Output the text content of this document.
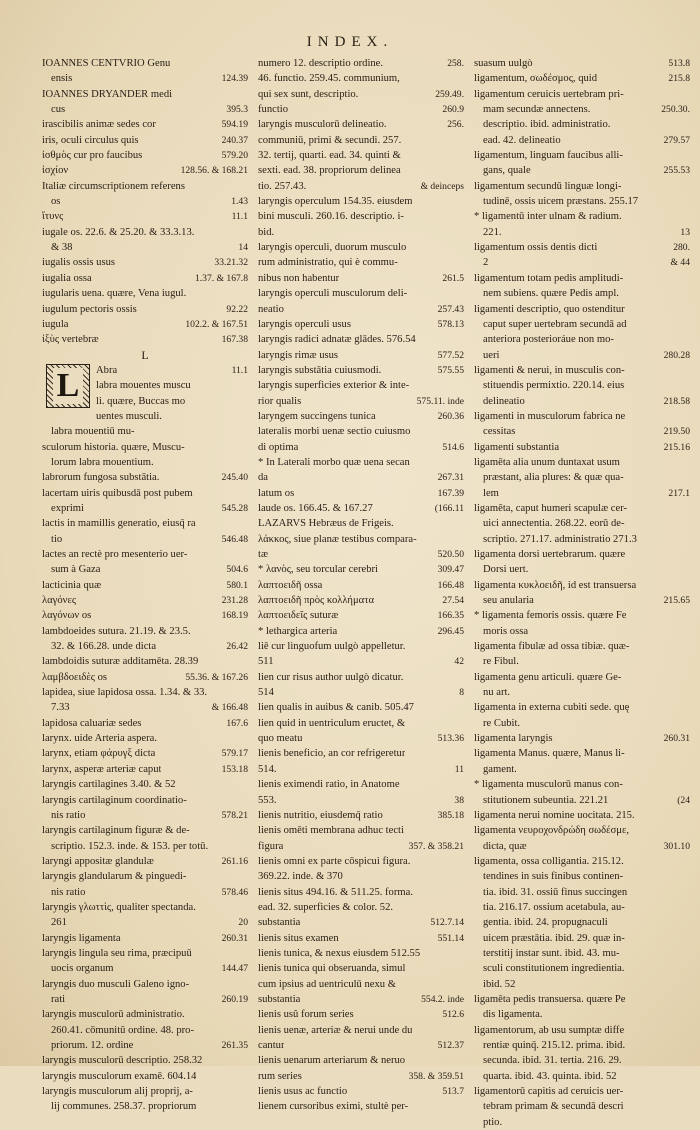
INDEX.
IOANNES CENTVRIO Genu
ensis	124.39
IOANNES DRYANDER medi
cus	395.3
irascibilis animæ sedes cor	594.19
iris, oculi circulus quis	240.37
ἰσθμὸς cur pro faucibus	579.20
ἰσχίον	128.56. & 168.21
Italiæ circumscriptionem referens
os	1.43
ἴτυνς	11.1
iugale os. 22.6. & 25.20. & 33.3.13.
& 38	14
iugalis ossis usus	33.21.32
iugalia ossa	1.37. & 167.8
iugularis uena. quære, Vena iugul.
iugulum pectoris ossis	92.22
iugula	102.2. & 167.51
ἰξὺς vertebræ	167.38
L
L	Abra	11.1
labra mouentes muscu
li. quære, Buccas mo
uentes musculi.
labra mouentiū mu-
sculorum historia. quære, Muscu-
lorum labra mouentium.
labrorum fungosa substātia.	245.40
lacertam uiris quibusdā post pubem
exprimi	545.28
lactis in mamillis generatio, eiusq̄ ra
tio	546.48
lactes an rectè pro mesenterio uer-
sum à Gaza	504.6
lacticinia quæ	580.1
λαγόνες	231.28
λαγόνων os	168.19
lambdoeides sutura. 21.19. & 23.5.
32. & 166.28. unde dicta	26.42
lambdoidis suturæ additamēta. 28.39
λαμβδοειδὲς os	55.36. & 167.26
lapidea, siue lapidosa ossa. 1.34. & 33.
7.33	& 166.48
lapidosa caluariæ sedes	167.6
larynx. uide Arteria aspera.
larynx, etiam φάρυγξ dicta	579.17
larynx, asperæ arteriæ caput	153.18
laryngis cartilagines 3.40. & 52
laryngis cartilaginum coordinatio-
nis ratio	578.21
laryngis cartilaginum figuræ & de-
scriptio. 152.3. inde. & 153. per totū.
laryngi appositæ glandulæ	261.16
laryngis glandularum & pinguedi-
nis ratio	578.46
laryngis γλωττὶς, qualiter spectanda.
261	20
laryngis ligamenta	260.31
laryngis lingula seu rima, præcipuū
uocis organum	144.47
laryngis duo musculi Galeno igno-
rati	260.19
laryngis musculorū administratio.
260.41. cōmunitū ordine. 48. pro-
priorum. 12. ordine	261.35
laryngis musculorū descriptio. 258.32
laryngis musculorum examē. 604.14
laryngis musculorum alij proprij, a-
lij communes. 258.37. propriorum
numero 12. descriptio ordine.	258.
46. functio. 259.45. communium,
qui sex sunt, descriptio.	259.49.
functio	260.9
laryngis musculorū delineatio.	256.
communiū, primi & secundi. 257.
32. tertij, quarti. ead. 34. quinti &
sexti. ead. 38. propriorum delinea
tio. 257.43.	& deinceps
laryngis operculum 154.35. eiusdem
bini musculi. 260.16. descriptio. i-
bid.
laryngis operculi, duorum musculo
rum administratio, qui è commu-
nibus non habentur	261.5
laryngis operculi musculorum deli-
neatio	257.43
laryngis operculi usus	578.13
laryngis radici adnatæ glādes. 576.54
laryngis rimæ usus	577.52
laryngis substātia cuiusmodi.	575.55
laryngis superficies exterior & inte-
rior qualis	575.11. inde
laryngem succingens tunica	260.36
lateralis morbi uenæ sectio cuiusmo
di optima	514.6
* In Laterali morbo quæ uena secan
da	267.31
latum os	167.39
laude os. 166.45. & 167.27	(166.11
LAZARVS Hebræus de Frigeis.
λάκκος, siue planæ testibus compara-
tæ	520.50
* λανὸς, seu torcular cerebri	309.47
λαπτοειδῆ ossa	166.48
λαπτοειδῆ πρὸς κολλήματα	27.54
λαπτοειδεῖς suturæ	166.35
* lethargica arteria	296.45
liē cur linguofum uulgò appelletur.
511	42
lien cur risus author uulgò dicatur.
514	8
lien qualis in auibus & canib. 505.47
lien quid in uentriculum eructet, &
quo meatu	513.36
lienis beneficio, an cor refrigeretur
514.	11
lienis eximendi ratio, in Anatome
553.	38
lienis nutritio, eiusdemq̄ ratio	385.18
lienis omēti membrana adhuc tecti
figura	357. & 358.21
lienis omni ex parte cōspicui figura.
369.22. inde. & 370
lienis situs 494.16. & 511.25. forma.
ead. 32. superficies & color. 52.
substantia	512.7.14
lienis situs examen	551.14
lienis tunica, & nexus eiusdem 512.55
lienis tunica qui obseruanda, simul
cum ipsius ad uentriculū nexu &
substantia	554.2. inde
lienis usû forum series	512.6
lienis uenæ, arteriæ & nerui unde du
cantur	512.37
lienis uenarum arteriarum & neruo
rum series	358. & 359.51
lienis usus ac functio	513.7
lienem cursoribus eximi, stultè per-
suasum uulgò	513.8
ligamentum, σωδέσμος, quid	215.8
ligamentum ceruicis uertebram pri-
mam secundæ annectens.	250.30.
descriptio. ibid. administratio.
ead. 42. delineatio	279.57
ligamentum, linguam faucibus alli-
gans, quale	255.53
ligamentum secundū linguæ longi-
tudinē, ossis uicem præstans. 255.17
* ligamentū inter ulnam & radium.
221.	13
ligamentum ossis dentis dicti	280.
2	& 44
ligamentum totam pedis amplitudi-
nem subiens. quære Pedis ampl.
ligamenti descriptio, quo ostenditur
caput super uertebram secundā ad
anteriora posterioráue non mo-
ueri	280.28
ligamenti & nerui, in musculis con-
stituendis permixtio. 220.14. eius
delineatio	218.58
ligamenti in musculorum fabrica ne
cessitas	219.50
ligamenti substantia	215.16
ligamēta alia unum duntaxat usum
præstant, alia plures: & quæ qua-
lem	217.1
ligamēta, caput humeri scapulæ cer-
uici annectentia. 268.22. eorū de-
scriptio. 271.17. administratio 271.3
ligamenta dorsi uertebrarum. quære
Dorsi uert.
ligamenta κυκλοειδῆ, id est transuersa
seu anularia	215.65
* ligamenta femoris ossis. quære Fe
moris ossa
ligamenta fibulæ ad ossa tibiæ. quæ-
re Fibul.
ligamenta genu articuli. quære Ge-
nu art.
ligamenta in externa cubiti sede. quę
re Cubit.
ligamenta laryngis	260.31
ligamenta Manus. quære, Manus li-
gament.
* ligamenta musculorū manus con-
stitutionem subeuntia. 221.21	(24
ligamenta nerui nomine uocitata. 215.
ligamenta νευροχονδρώδη σωδέσμε,
dicta, quæ	301.10
ligamenta, ossa colligantia. 215.12.
tendines in suis finibus continen-
tia. ibid. 31. ossiū finus succingen
tia. 216.17. ossium acetabula, au-
gentia. ibid. 24. propugnaculi
uicem præstātia. ibid. 29. quæ in-
terstitij instar sunt. ibid. 43. mu-
sculi constitutionem ingredientia.
ibid. 52
ligamēta pedis transuersa. quære Pe
dis ligamenta.
ligamentorum, ab usu sumptæ diffe
rentiæ quinq̄. 215.12. prima. ibid.
secunda. ibid. 31. tertia. 216. 29.
quarta. ibid. 43. quinta. ibid. 52
ligamentorū capitis ad ceruicis uer-
tebram primam & secundā descri
ptio.
